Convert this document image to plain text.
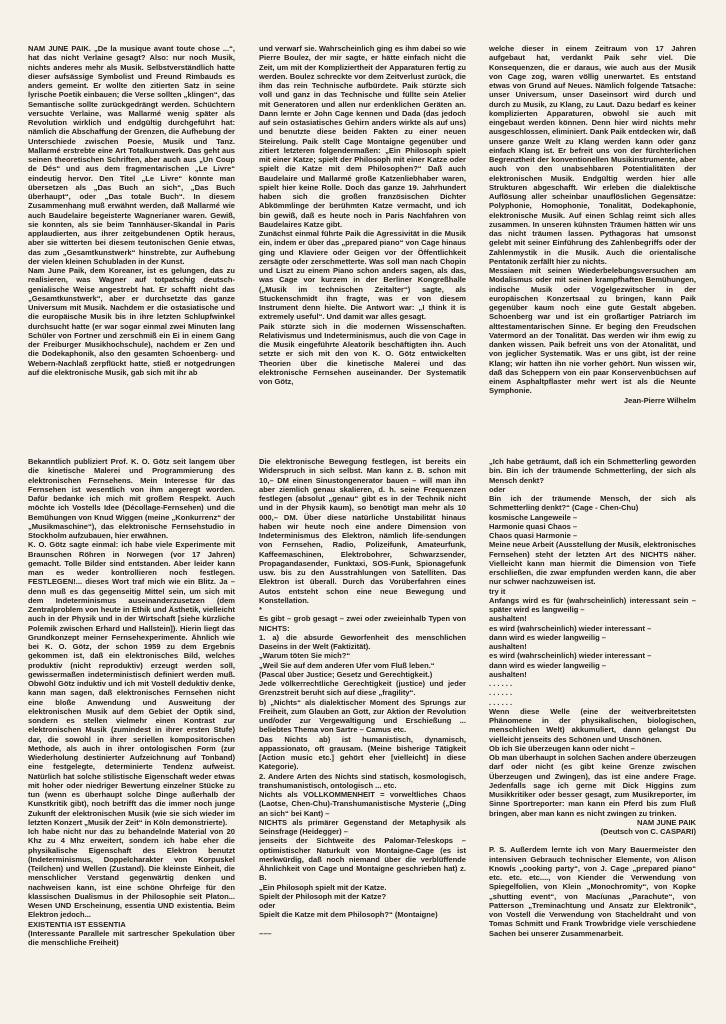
NAM JUNE PAIK. „De la musique avant toute chose ...“, hat das nicht Verlaine gesagt? Also: nur noch Musik, nichts anderes mehr als Musik. Selbstverständlich hatte dieser aufsässige Symbolist und Freund Rimbauds es anders gemeint. Er wollte den zitierten Satz in seine lyrische Poetik einbauen; die Verse sollten „klingen“, das Semantische sollte zurückgedrängt werden. Schüchtern versuchte Verlaine, was Mallarmé wenig später als Revolution wirklich und endgültig durchgeführt hat: nämlich die Abschaffung der Grenzen, die Aufhebung der Unterschiede zwischen Poesie, Musik und Tanz. Mallarmé erstrebte eine Art Totalkunstwerk. Das geht aus seinen theoretischen Schriften, aber auch aus „Un Coup de Dés“ und aus dem fragmentarischen „Le Livre“ eindeutig hervor. Den Titel „Le Livre“ könnte man übersetzen als „Das Buch an sich“, „Das Buch überhaupt“, oder „Das totale Buch“. In diesem Zusammenhang muß erwähnt werden, daß Mallarmé wie auch Baudelaire begeisterte Wagnerianer waren. Gewiß, sie konnten, als sie beim Tannhäuser-Skandal in Paris applaudierten, aus ihrer zeitgebundenen Optik heraus, aber sie witterten bei diesem teutonischen Genie etwas, das zum „Gesamtkunstwerk“ hinstrebte, zur Aufhebung der vielen kleinen Schubladen in der Kunst.
Nam June Paik, dem Koreaner, ist es gelungen, das zu realisieren, was Wagner auf totpatschig deutsch-genialische Weise angestrebt hat. Er schafft nicht das „Gesamtkunstwerk“, aber er durchsetzte das ganze Universum mit Musik. Nachdem er die ostasiatische und die europäische Musik bis in ihre letzten Schlupfwinkel durchsucht hatte (er war sogar einmal zwei Minuten lang Schüler von Fortner und zerschmiß ein Ei in einem Gang der Freiburger Musikhochschule), nachdem er Zen und die Dodekaphonik, also den gesamten Schoenberg- und Webern-Nachlaß zerpflückt hatte, stieß er notgedrungen auf die elektronische Musik, gab sich mit ihr ab

und verwarf sie. Wahrscheinlich ging es ihm dabei so wie Pierre Boulez, der mir sagte, er hätte einfach nicht die Zeit, um mit der Kompliziertheit der Apparaturen fertig zu werden. Boulez schreckte vor dem Zeitverlust zurück, die ihm das rein Technische aufbürdete. Paik stürzte sich voll und ganz in das Technische und füllte sein Atelier mit Generatoren und allen nur erdenklichen Geräten an. Dann lernte er John Cage kennen und Dada (das jedoch auf sein ostasiatisches Gehirn anders wirkte als auf uns) und benutzte diese beiden Fakten zu einer neuen Steirelung. Paik stellt Cage Montaigne gegenüber und zitiert letzteren folgendermaßen: „Ein Philosoph spielt mit einer Katze; spielt der Philosoph mit einer Katze oder spielt die Katze mit dem Philosophen?“ Daß auch Baudelaire und Mallarmé große Katzenliebhaber waren, spielt hier keine Rolle. Doch das ganze 19. Jahrhundert haben sich die großen französischen Dichter Abkömmlinge der berühmten Katze vermacht, und ich bin gewiß, daß es heute noch in Paris Nachfahren von Baudelaires Katze gibt.
Zunächst einmal führte Paik die Agressivität in die Musik ein, indem er über das „prepared piano“ von Cage hinaus ging und Klaviere oder Geigen vor der Öffentlichkeit zersägte oder zerschmetterte. Was soll man nach Chopin und Liszt zu einem Piano schon anders sagen, als das, was Cage vor kurzem in der Berliner Kongreßhalle („Musik im technischen Zeitalter“) sagte, als Stuckenschmidt ihn fragte, was er von diesem Instrument denn hielte. Die Antwort war: „I think it is extremely useful“. Und damit war alles gesagt.
Paik stürzte sich in die modernen Wissenschaften. Relativismus und Indeterminismus, auch die von Cage in die Musik eingeführte Aleatorik beschäftigten ihn. Auch setzte er sich mit den von K. O. Götz entwickelten Theorien über die kinetische Malerei und das elektronische Fernsehen auseinander. Der Systematik von Götz,

welche dieser in einem Zeitraum von 17 Jahren aufgebaut hat, verdankt Paik sehr viel. Die Konsequenzen, die er daraus, wie auch aus der Musik von Cage zog, waren völlig unerwartet. Es entstand etwas von Grund auf Neues. Nämlich folgende Tatsache: unser Universum, unser Daseinsort wird durch und durch zu Musik, zu Klang, zu Laut. Dazu bedarf es keiner komplizierten Apparaturen, obwohl sie auch mit eingebaut werden können. Denn hier wird nichts mehr ausgeschlossen, eliminiert. Dank Paik entdecken wir, daß unsere ganze Welt zu Klang werden kann oder ganz einfach Klang ist. Er befreit uns von der fürchterlichen Begrenztheit der konventionellen Musikinstrumente, aber auch von den unabsehbaren Potentialitäten der elektronischen Musik. Endgültig werden hier alle Strukturen abgeschafft. Wir erleben die dialektische Auflösung aller scheinbar unauflöslichen Gegensätze: Polyphonie, Homophonie, Tonalität, Dodekaphonie, elektronische Musik. Auf einen Schlag reimt sich alles zusammen. In unseren kühnsten Träumen hätten wir uns das nicht träumen lassen. Pythagoras hat umsonst gelebt mit seiner Einführung des Zahlenbegriffs oder der Zahlenmystik in die Musik. Auch die orientalische Pentatonik zerfällt hier zu nichts.
Messiaen mit seinen Wiederbelebungsversuchen am Modalismus oder mit seinen krampfhaften Bemühungen, indische Musik oder Vögelgezwitscher in der europäischen Konzertsaal zu bringen, kann Paik gegenüber kaum noch eine gute Gestalt abgeben. Schoenberg war und ist ein großartiger Patriarch im alttestamentarischen Sinne. Er beging den Freudschen Vatermord an der Tonalität. Das werden wir ihm ewig zu danken wissen. Paik befreit uns von der Atonalität, und von jeglicher Systematik. Was er uns gibt, ist der reine Klang; wir hatten ihn nie vorher gehört. Nun wissen wir, daß das Scheppern von ein paar Konservenbüchsen auf einem Asphaltpflaster mehr wert ist als die Neunte Symphonie.

Jean-Pierre Wilhelm

Bekanntlich publiziert Prof. K. O. Götz seit langem über die kinetische Malerei und Programmierung des elektronischen Fernsehens. Mein Interesse für das Fernsehen ist wesentlich von ihm angeregt worden. Dafür bedanke ich mich mit großem Respekt. Auch möchte ich Vostells Idee (Décollage-Fernsehen) und die Bemühungen von Knud Wiggen (meine „Konkurrenz“ der „Musikmaschine“), das elektronische Fernsehstudio in Stockholm aufzubauen, hier erwähnen.
K. O. Götz sagte einmal: ich habe viele Experimente mit Braunschen Röhren in Norwegen (vor 17 Jahren) gemacht. Tolle Bilder sind entstanden. Aber leider kann man es weder kontrollieren noch festlegen. FESTLEGEN!... dieses Wort traf mich wie ein Blitz. Ja – denn muß es das gegenseitig Mittel sein, um sich mit dem Indeterminismus auseinanderzusetzen (dem Zentralproblem von heute in Ethik und Ästhetik, vielleicht auch in der Physik und in der Wirtschaft [siehe kürzliche Polemik zwischen Erhard und Hallstein]). Hierin liegt das Grundkonzept meiner Fernsehexperimente. Ähnlich wie bei K. O. Götz, der schon 1959 zu dem Ergebnis gekommen ist, daß ein elektronisches Bild, welches produktiv (nicht reproduktiv) erzeugt werden soll, gewissermaßen indeterministisch definiert werden muß. Obwohl Götz induktiv und ich mit Vostell deduktiv denke, kann man sagen, daß elektronisches Fernsehen nicht eine bloße Anwendung und Ausweitung der elektronischen Musik auf dem Gebiet der Optik sind, sondern es stellen vielmehr einen Kontrast zur elektronischen Musik (zumindest in ihrer ersten Stufe) dar, die sowohl in ihrer seriellen kompositorischen Methode, als auch in ihrer ontologischen Form (zur Wiederholung destinierter Aufzeichnung auf Tonband) eine festgelegte, determinierte Tendenz aufweist. Natürlich hat solche stilistische Eigenschaft weder etwas mit hoher oder niedriger Bewertung einzelner Stücke zu tun (wenn es überhaupt solche Dinge außerhalb der Kunstkritik gibt), noch betrifft das die immer noch junge Zukunft der elektronischen Musik (wie sie sich wieder im letzten Konzert „Musik der Zeit“ in Köln demonstrierte).
Ich habe nicht nur das zu behandelnde Material von 20 Khz zu 4 Mhz erweitert, sondern ich habe eher die physikalische Eigenschaft des Elektron benutzt (Indeterminismus, Doppelcharakter von Korpuskel (Teilchen) und Wellen (Zustand). Die kleinste Einheit, die menschlicher Verstand gegenwärtig denken und nachweisen kann, ist eine schöne Ohrfeige für den klassischen Dualismus in der Philosophie seit Platon... Wesen UND Erscheinung, essentia UND existentia. Beim Elektron jedoch...
EXISTENTIA IST ESSENTIA
(Interessante Parallele mit sartrescher Spekulation über die menschliche Freiheit)

Die elektronische Bewegung festlegen, ist bereits ein Widerspruch in sich selbst. Man kann z. B. schon mit 10,– DM einen Sinustongenerator bauen – will man ihn aber ziemlich genau skalieren, d. h. seine Frequenzen festlegen (absolut „genau“ gibt es in der Technik nicht und in der Physik kaum), so benötigt man mehr als 10 000,– DM. Über diese natürliche Unstabilität hinaus haben wir heute noch eine andere Dimension von Indeterminismus des Elektron, nämlich life-sendungen von Fernsehen, Radio, Polizeifunk, Amateurfunk, Kaffeemaschinen, Elektrobohrer, Schwarzsender, Propagandasender, Funktaxi, SOS-Funk, Spionagefunk usw. bis zu den Ausstrahlungen von Satelliten. Das Elektron ist überall. Durch das Vorüberfahren eines Autos entsteht schon eine neue Bewegung und Konstellation.
*
Es gibt – grob gesagt – zwei oder zweieinhalb Typen von NICHTS:
1. a) die absurde Geworfenheit des menschlichen Daseins in der Welt (Faktizität).
„Warum töten Sie mich?“
„Weil Sie auf dem anderen Ufer vom Fluß leben.“
(Pascal über Justice; Gesetz und Gerechtigkeit.)
Jede völkerrechtliche Gerechtigkeit (justice) und jeder Grenzstreit beruht sich auf diese „fragility“.
b) „Nichts“ als dialektischer Moment des Sprungs zur Freiheit, zum Glauben an Gott, zur Aktion der Revolution und/oder zur Vergewaltigung und Erschießung ... beliebtes Thema von Sartre – Camus etc.
Das Nichts ab) ist humanistisch, dynamisch, appassionato, oft grausam. (Meine bisherige Tätigkeit [Action music etc.] gehört eher [vielleicht] in diese Kategorie).
2. Andere Arten des Nichts sind statisch, kosmologisch, transhumanistisch, ontologisch ... etc.
Nichts als VOLLKOMMENHEIT = vorweltliches Chaos (Laotse, Chen-Chu)-Transhumanistische Mysterie („Ding an sich“ bei Kant) –
NICHTS als primärer Gegenstand der Metaphysik als Seinsfrage (Heidegger) –
jenseits der Sichtweite des Palomar-Teleskops – optimistischer Naturkult von Montaigne-Cage (es ist merkwürdig, daß noch niemand über die verblüffende Ähnlichkeit von Cage und Montaigne geschrieben hat) z. B.
„Ein Philosoph spielt mit der Katze.
Spielt der Philosoph mit der Katze?
oder
Spielt die Katze mit dem Philosoph?“ (Montaigne)

–––

„Ich habe geträumt, daß ich ein Schmetterling geworden bin. Bin ich der träumende Schmetterling, der sich als Mensch denkt?
oder
Bin ich der träumende Mensch, der sich als Schmetterling denkt?“ (Cage - Chen-Chu)
kosmische Langeweile –
Harmonie quasi Chaos –
Chaos quasi Harmonie –
Meine neue Arbeit (Ausstellung der Musik, elektronisches Fernsehen) steht der letzten Art des NICHTS näher. Vielleicht kann man hiermit die Dimension von Tiefe erschließen, die zwar empfunden werden kann, die aber nur schwer nachzuweisen ist.
try it
Anfangs wird es für (wahrscheinlich) interessant sein – später wird es langweilig –
aushalten!
es wird (wahrscheinlich) wieder interessant –
dann wird es wieder langweilig –
aushalten!
es wird (wahrscheinlich) wieder interessant –
dann wird es wieder langweilig –
aushalten!
. . . . . .
. . . . . .
. . . . . .
Wenn diese Welle (eine der weitverbreitetsten Phänomene in der physikalischen, biologischen, menschlichen Welt) akkumuliert, dann gelangst Du vielleicht jenseits des Schönen und Unschönen.
Ob ich Sie überzeugen kann oder nicht –
Ob man überhaupt in solchen Sachen andere überzeugen darf oder nicht (es gibt keine Grenze zwischen Überzeugen und Zwingen), das ist eine andere Frage. Jedenfalls sage ich gerne mit Dick Higgins zum Musikkritiker oder besser gesagt, zum Musikreporter, im Sinne Sportreporter: man kann ein Pferd bis zum Fluß bringen, aber man kann es nicht zwingen zu trinken.

NAM JUNE PAIK
(Deutsch von C. CASPARI)

P. S. Außerdem lernte ich von Mary Bauermeister den intensiven Gebrauch technischer Elemente, von Alison Knowls „cooking party“, von J. Cage „prepared piano“ etc. etc. etc...., von Kiender die Verwendung von Spiegelfolien, von Klein „Monochromity“, von Kopke „shutting event“, von Macíunas „Parachute“, von Patterson „Treminachtung und Ansatz zur Elektronik“, von Vostell die Verwendung von Stacheldraht und von Tomas Schmitt und Frank Trowbridge viele verschiedene Sachen bei unserer Zusammenarbeit.
